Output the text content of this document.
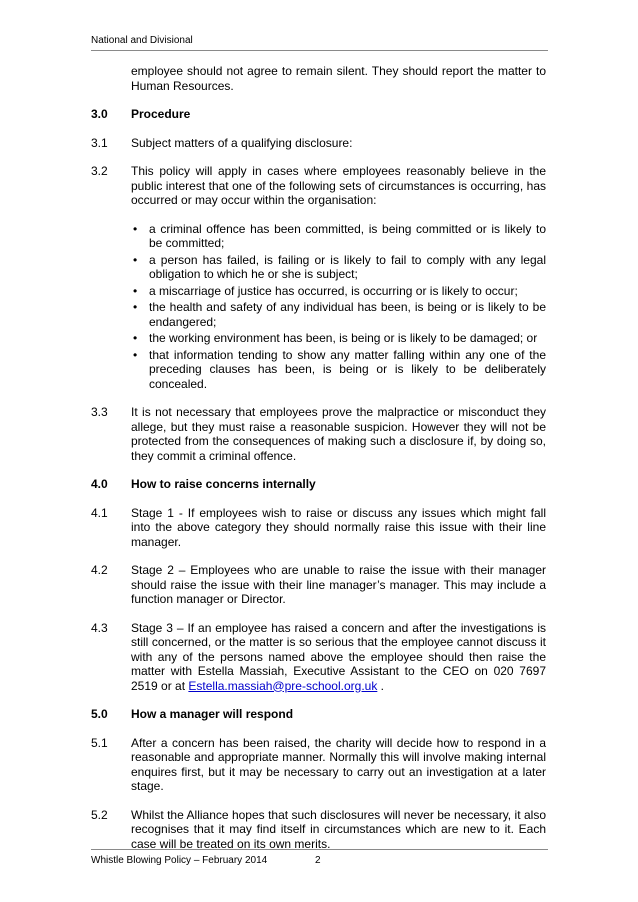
National and Divisional
employee should not agree to remain silent. They should report the matter to Human Resources.
3.0	Procedure
3.1	Subject matters of a qualifying disclosure:
3.2	This policy will apply in cases where employees reasonably believe in the public interest that one of the following sets of circumstances is occurring, has occurred or may occur within the organisation:
• a criminal offence has been committed, is being committed or is likely to be committed;
• a person has failed, is failing or is likely to fail to comply with any legal obligation to which he or she is subject;
• a miscarriage of justice has occurred, is occurring or is likely to occur;
• the health and safety of any individual has been, is being or is likely to be endangered;
• the working environment has been, is being or is likely to be damaged; or
• that information tending to show any matter falling within any one of the preceding clauses has been, is being or is likely to be deliberately concealed.
3.3	It is not necessary that employees prove the malpractice or misconduct they allege, but they must raise a reasonable suspicion. However they will not be protected from the consequences of making such a disclosure if, by doing so, they commit a criminal offence.
4.0	How to raise concerns internally
4.1	Stage 1 - If employees wish to raise or discuss any issues which might fall into the above category they should normally raise this issue with their line manager.
4.2	Stage 2 – Employees who are unable to raise the issue with their manager should raise the issue with their line manager’s manager. This may include a function manager or Director.
4.3	Stage 3 – If an employee has raised a concern and after the investigations is still concerned, or the matter is so serious that the employee cannot discuss it with any of the persons named above the employee should then raise the matter with Estella Massiah, Executive Assistant to the CEO on 020 7697 2519 or at Estella.massiah@pre-school.org.uk .
5.0	How a manager will respond
5.1	After a concern has been raised, the charity will decide how to respond in a reasonable and appropriate manner. Normally this will involve making internal enquires first, but it may be necessary to carry out an investigation at a later stage.
5.2	Whilst the Alliance hopes that such disclosures will never be necessary, it also recognises that it may find itself in circumstances which are new to it. Each case will be treated on its own merits.
Whistle Blowing Policy – February 2014	2
